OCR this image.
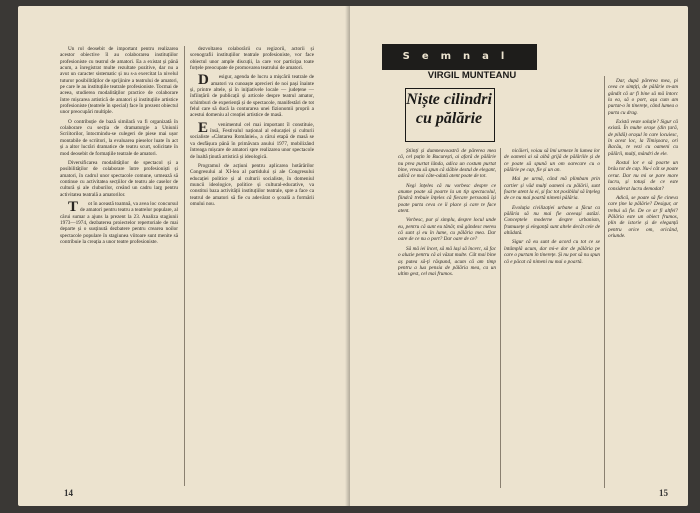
Un rol deosebit de important pentru realizarea acestor obiective îl au colaborarea instituțiilor profesioniste cu teatrul de amatori. Ea a existat și până acum, a înregistrat multe rezultate pozitive, dar nu a avut un caracter sistematic și nu s-a exercitat la nivelul tuturor posibilităților de sprijinire a teatrului de amatori, pe care le au instituțiile teatrale profesioniste. Tocmai de aceea, studierea modalităților practice de colaborare între mișcarea artistică de amatori și instituțiile artistice profesioniste (teatrele în special) face în prezent obiectul unor preocupări multiple.

O contribuție de bază similară va fi organizată în colaborare cu secția de dramaturgie a Uniunii Scriitorilor, întocmindu-se culegeri de piese mai ușor montabile de scriitori, la evaluarea pieselor luate în act și a altor lucrări dramatice de teatru scurt, solicitate în mod deosebit de formațiile teatrale de amatori.

Diversificarea modalităților de spectacol și a posibilităților de colaborare între profesioniști și amatori, în cadrul unor spectacole comune, urmează să continue cu activitatea secțiilor de teatru ale caselor de cultură și ale cluburilor, creând un cadru larg pentru activitatea teatrală a amatorilor.

Tot în această toamnă, va avea loc concursul de amatori pentru teatru a teatrelor populare, al cărui sumar a ajuns la prezent la 23. Analiza stagiunii 1973—1974, dezbaterea proiectelor repertoriale de mai departe și o susținută dezbatere pentru crearea noilor spectacole populare în stagiunea viitoare sunt menite să contribuie la creația a unor teatre profesioniste.

dezvoltarea colaborării cu regizorii, actorii și scenografii instituțiilor teatrale profesioniste, vor face obiectul unor ample discuții, la care vor participa toate forțele preocupate de promovarea teatrului de amatori.

Desigur, agenda de lucru a mișcării teatrale de amatori va cunoaște aprecieri de noi pași înainte și, printre altele, și în iniţiativele locale — județene — înființării de publicații și articole despre teatrul amator, schimburi de experiență și de spectacole, manifestări de tot felul care să ducă la conturarea unei fizionomii proprii a acestui domeniu al creației artistice de masă.

Evenimentul cel mai important îl constituie, însă, Festivalul național al educației și culturii socialiste «Cântarea României», a cărui etapă de masă se va desfășura până în primăvara anului 1977, mobilizând întreaga mișcare de amatori spre realizarea unor spectacole de înaltă ținută artistică și ideologică.

Programul de acțiuni pentru aplicarea hotărârilor Congresului al XI-lea al partidului și ale Congresului educației politice și al culturii socialiste, în domeniul muncii ideologice, politice și cultural-educative, va constitui baza activității instituțiilor teatrale, spre a face ca teatrul de amatori să fie cu adevărat o școală a formării omului nou.

14
Semnal
VIRGIL MUNTEANU
Niște cilindri cu pălărie

Științi și dumneavoastră de părerea mea că, cel puțin în București, ai afară de pălărie nu prea purtat lânda, adica un costum purtat bine, vreau să spun că slăbie destul de elegant, adică ce mai căte-odată atent poate de tot.

Negi înțeles că nu vorbesc despre ce anume poate să poarte la un tip spectacolul, fiindcă trebuie înțeles că fiecare persoană își poate purta ceva ce îi place și care te face atent.

Vorbesc, pur și simplu, despre locul unde eu, pentru că sunt eu tânăr, mă gândesc mereu că sunt și eu în lume, cu pălăria mea. Dar oare de ce nu o port? Dar oare de ce?

Să mă iei încet, să mă lași să încerc, să fac o aluzie pentru că ai văzut multe. Cât mai bine aș putea să-ți răspund, acum că am timp pentru a lua pensia de pălăria mea, ca un ultim gest, cel mai frumos.

nicăieri, voiau să îmi urmeze în lumea lor de oameni ai să aibă grijă de pălăriile și de ce poate să spună un om oarecare cu o pălărie pe cap, fie și un an.

Mai pe urmă, când mă plimbam prin cartier și văd mulți oameni cu pălării, sunt foarte atent la ei, și fac tot posibilul să înțeleg de ce nu mai poartă nimeni pălăria.

Evoluția civilizației urbane a făcut ca pălăria să nu mai fie aceeași astăzi. Conceptele moderne despre urbanism, frumusețe și eleganță sunt altele decât cele de altădată.

Sigur că eu sunt de acord cu tot ce se întâmplă acum, dar mi-e dor de pălăria pe care o purtam în tinerețe. Și nu pot să nu spun că e păcat că nimeni nu mai o poartă.

Dar, după părerea mea, pi ceea ce simțiți, de pălărie m-am gândit că ar fi bine să mă întorc la ea, să o port, așa cum am purtat-o în tinerețe, când lumea o purta cu drag.

Există veste soluție? Sigur că există. În multe orașe (din țară, de pildă) orașul în care locuiesc, în acest loc, la Timișoara, ori Bacău, te vezi cu oameni cu pălării, mulți, mândri de ele.

Rostul lor e să poarte un brâu tot de cap. Nu-i cât se poate cerut. Dar nu mi se pare mare lucru, și totuși de ce este considerat lucru demodat?

Adică, se poate să fie cineva care ține la pălărie? Desigur, ar trebui să fie. De ce ar fi altfel? Pălăria este un obiect frumos, plin de istorie și de eleganță pentru orice om, oricând, oriunde.

15
